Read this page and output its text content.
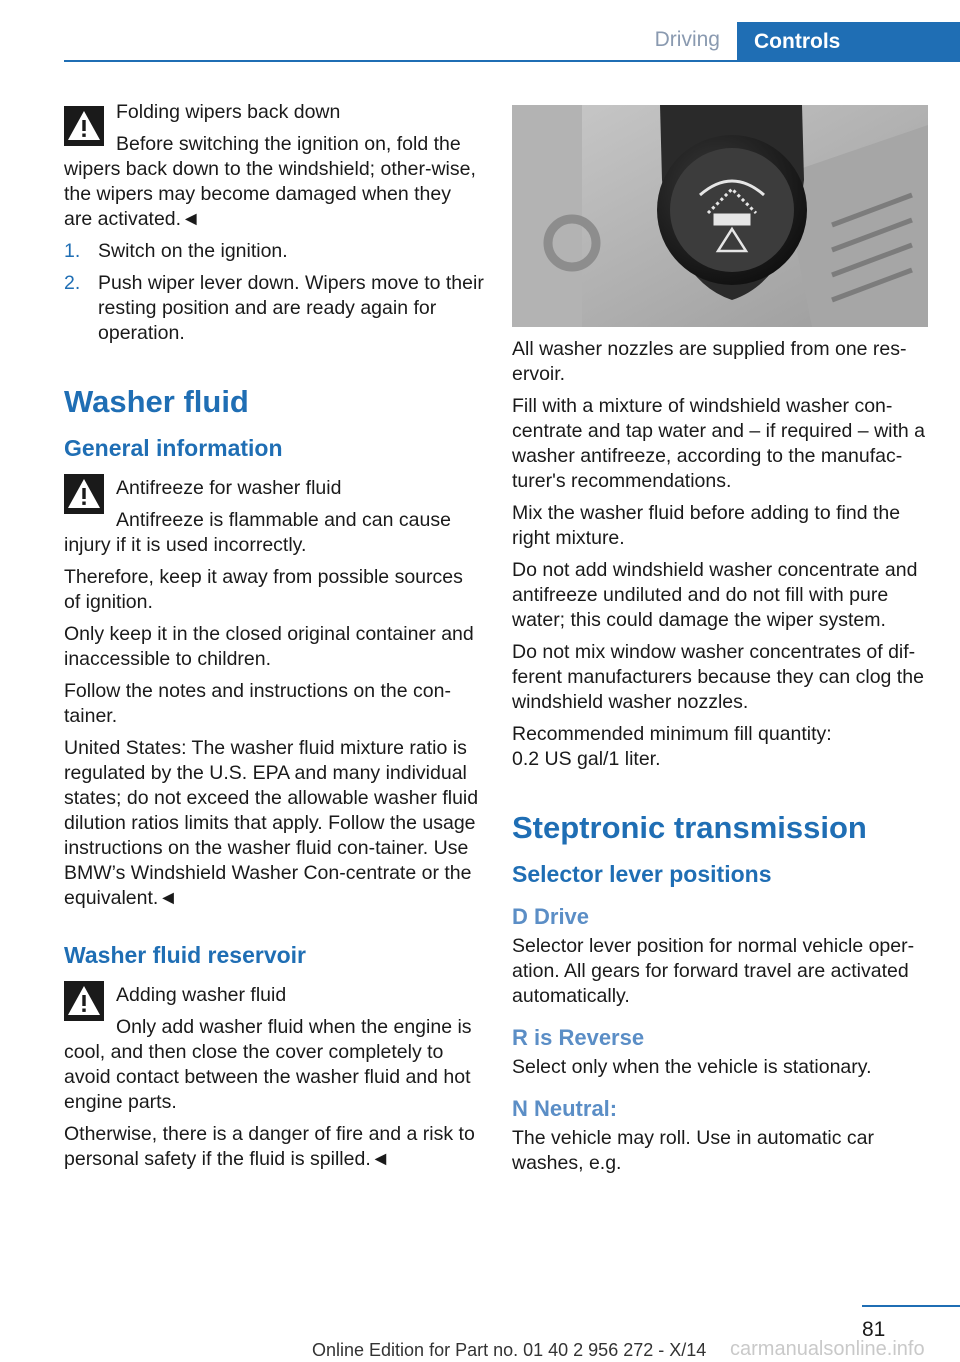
Driving	Controls
Folding wipers back down
Before switching the ignition on, fold the
wipers back down to the windshield; other-wise, the wipers may become damaged when they are activated.◄
1. Switch on the ignition.
2. Push wiper lever down. Wipers move to their resting position and are ready again for operation.
Washer fluid
General information
Antifreeze for washer fluid
Antifreeze is flammable and can cause
injury if it is used incorrectly.

Therefore, keep it away from possible sources of ignition.

Only keep it in the closed original container and inaccessible to children.

Follow the notes and instructions on the con-tainer.

United States: The washer fluid mixture ratio is regulated by the U.S. EPA and many individual states; do not exceed the allowable washer fluid dilution ratios limits that apply. Follow the usage instructions on the washer fluid con-tainer. Use BMW’s Windshield Washer Con-centrate or the equivalent.◄

Washer fluid reservoir
Adding washer fluid
Only add washer fluid when the engine is
cool, and then close the cover completely to avoid contact between the washer fluid and hot engine parts.

Otherwise, there is a danger of fire and a risk to personal safety if the fluid is spilled.◄

All washer nozzles are supplied from one res-ervoir.

Fill with a mixture of windshield washer con-centrate and tap water and – if required – with a washer antifreeze, according to the manufac-turer's recommendations.

Mix the washer fluid before adding to find the right mixture.

Do not add windshield washer concentrate and antifreeze undiluted and do not fill with pure water; this could damage the wiper system.

Do not mix window washer concentrates of dif-ferent manufacturers because they can clog the windshield washer nozzles.

Recommended minimum fill quantity:

0.2 US gal/1 liter.

Steptronic transmission
Selector lever positions
D Drive

Selector lever position for normal vehicle oper-ation. All gears for forward travel are activated automatically.

R is Reverse

Select only when the vehicle is stationary.

N Neutral:

The vehicle may roll. Use in automatic car washes, e.g.

81
Online Edition for Part no. 01 40 2 956 272 - X/14 carmanualsonline.info
